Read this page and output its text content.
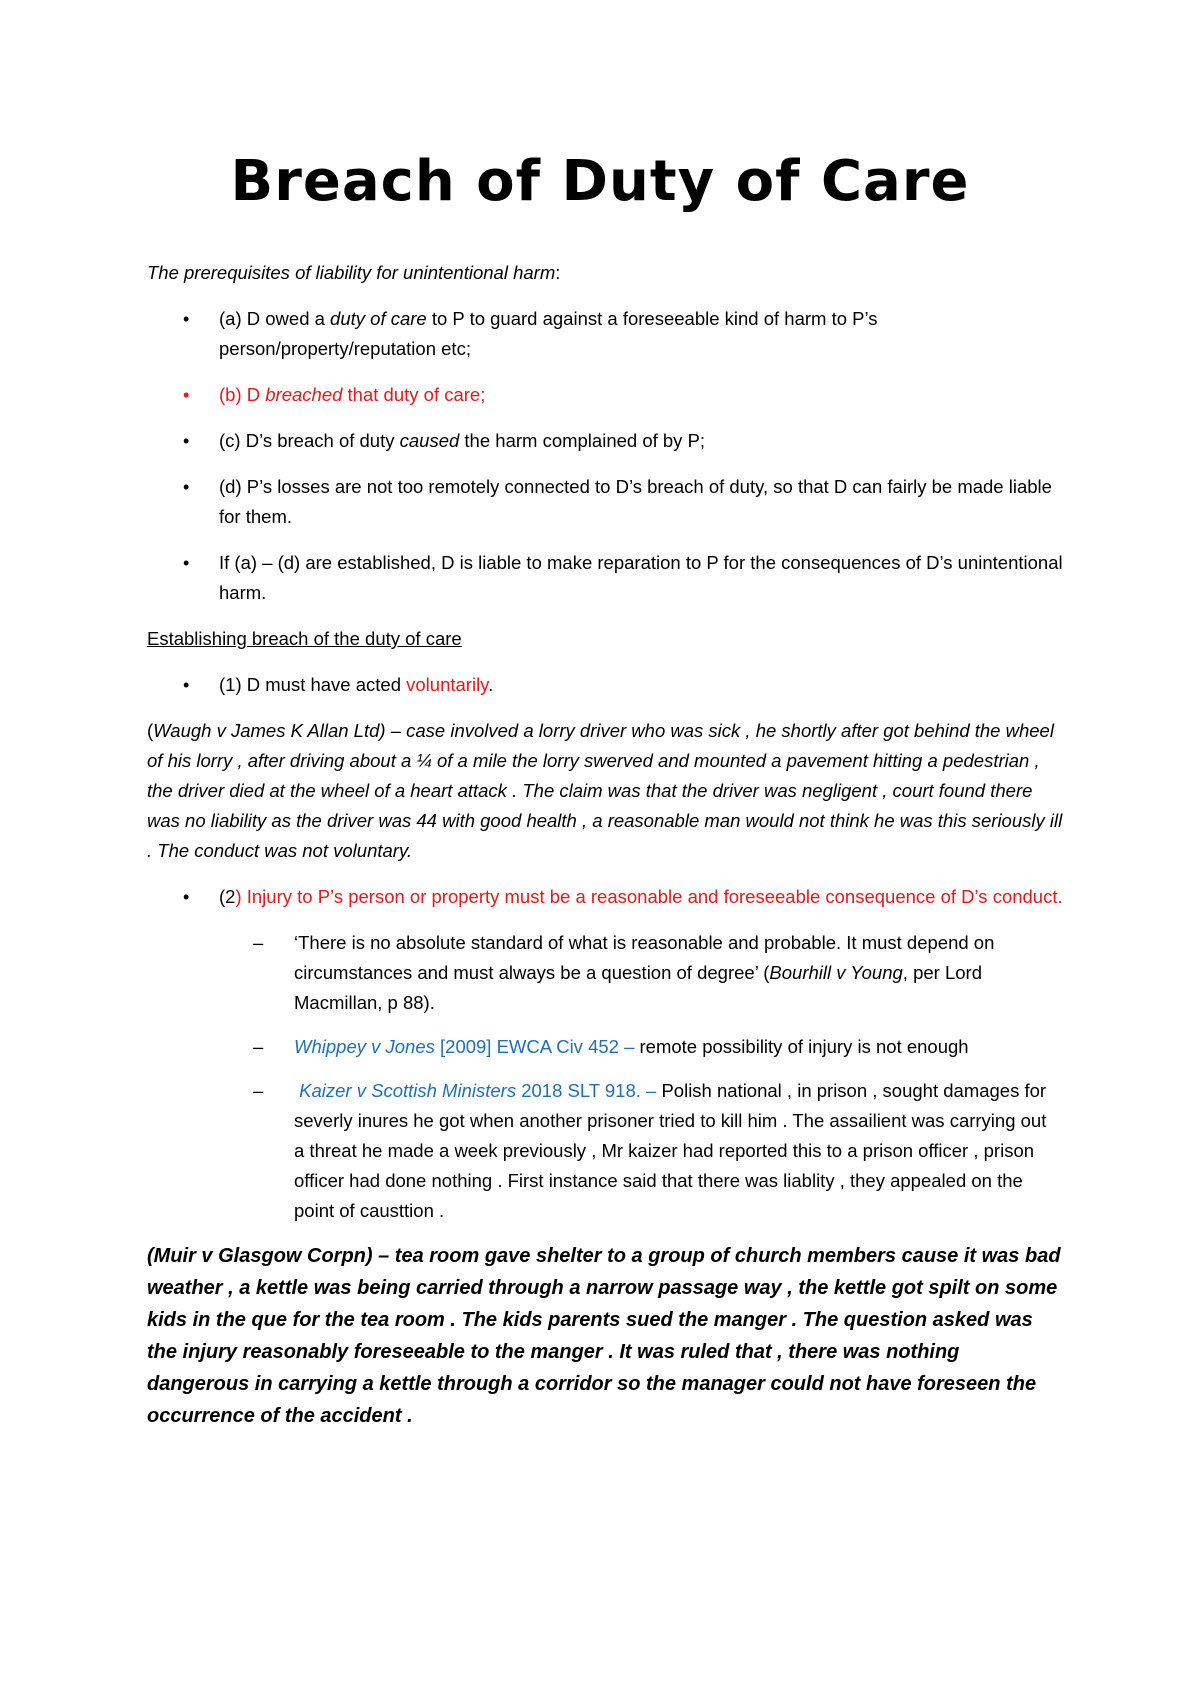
Breach of Duty of Care

The prerequisites of liability for unintentional harm:

• (a) D owed a duty of care to P to guard against a foreseeable kind of harm to P’s person/property/reputation etc;
• (b) D breached that duty of care;
• (c) D’s breach of duty caused the harm complained of by P;
• (d) P’s losses are not too remotely connected to D’s breach of duty, so that D can fairly be made liable for them.
• If (a) – (d) are established, D is liable to make reparation to P for the consequences of D’s unintentional harm.

Establishing breach of the duty of care

• (1) D must have acted voluntarily.

(Waugh v James K Allan Ltd) – case involved a lorry driver who was sick , he shortly after got behind the wheel of his lorry , after driving about a ¼ of a mile the lorry swerved and mounted a pavement hitting a pedestrian , the driver died at the wheel of a heart attack . The claim was that the driver was negligent , court found there was no liability as the driver was 44 with good health , a reasonable man would not think he was this seriously ill . The conduct was not voluntary.

• (2) Injury to P’s person or property must be a reasonable and foreseeable consequence of D’s conduct.
– ‘There is no absolute standard of what is reasonable and probable. It must depend on circumstances and must always be a question of degree’ (Bourhill v Young, per Lord Macmillan, p 88).
– Whippey v Jones [2009] EWCA Civ 452 – remote possibility of injury is not enough
–  Kaizer v Scottish Ministers 2018 SLT 918. – Polish national , in prison , sought damages for severly inures he got when another prisoner tried to kill him . The assailient was carrying out a threat he made a week previously , Mr kaizer had reported this to a prison officer , prison officer had done nothing . First instance said that there was liablity , they appealed on the point of causttion .

(Muir v Glasgow Corpn) – tea room gave shelter to a group of church members cause it was bad weather , a kettle was being carried through a narrow passage way , the kettle got spilt on some kids in the que for the tea room . The kids parents sued the manger . The question asked was the injury reasonably foreseeable to the manger . It was ruled that , there was nothing dangerous in carrying a kettle through a corridor so the manager could not have foreseen the occurrence of the accident .
